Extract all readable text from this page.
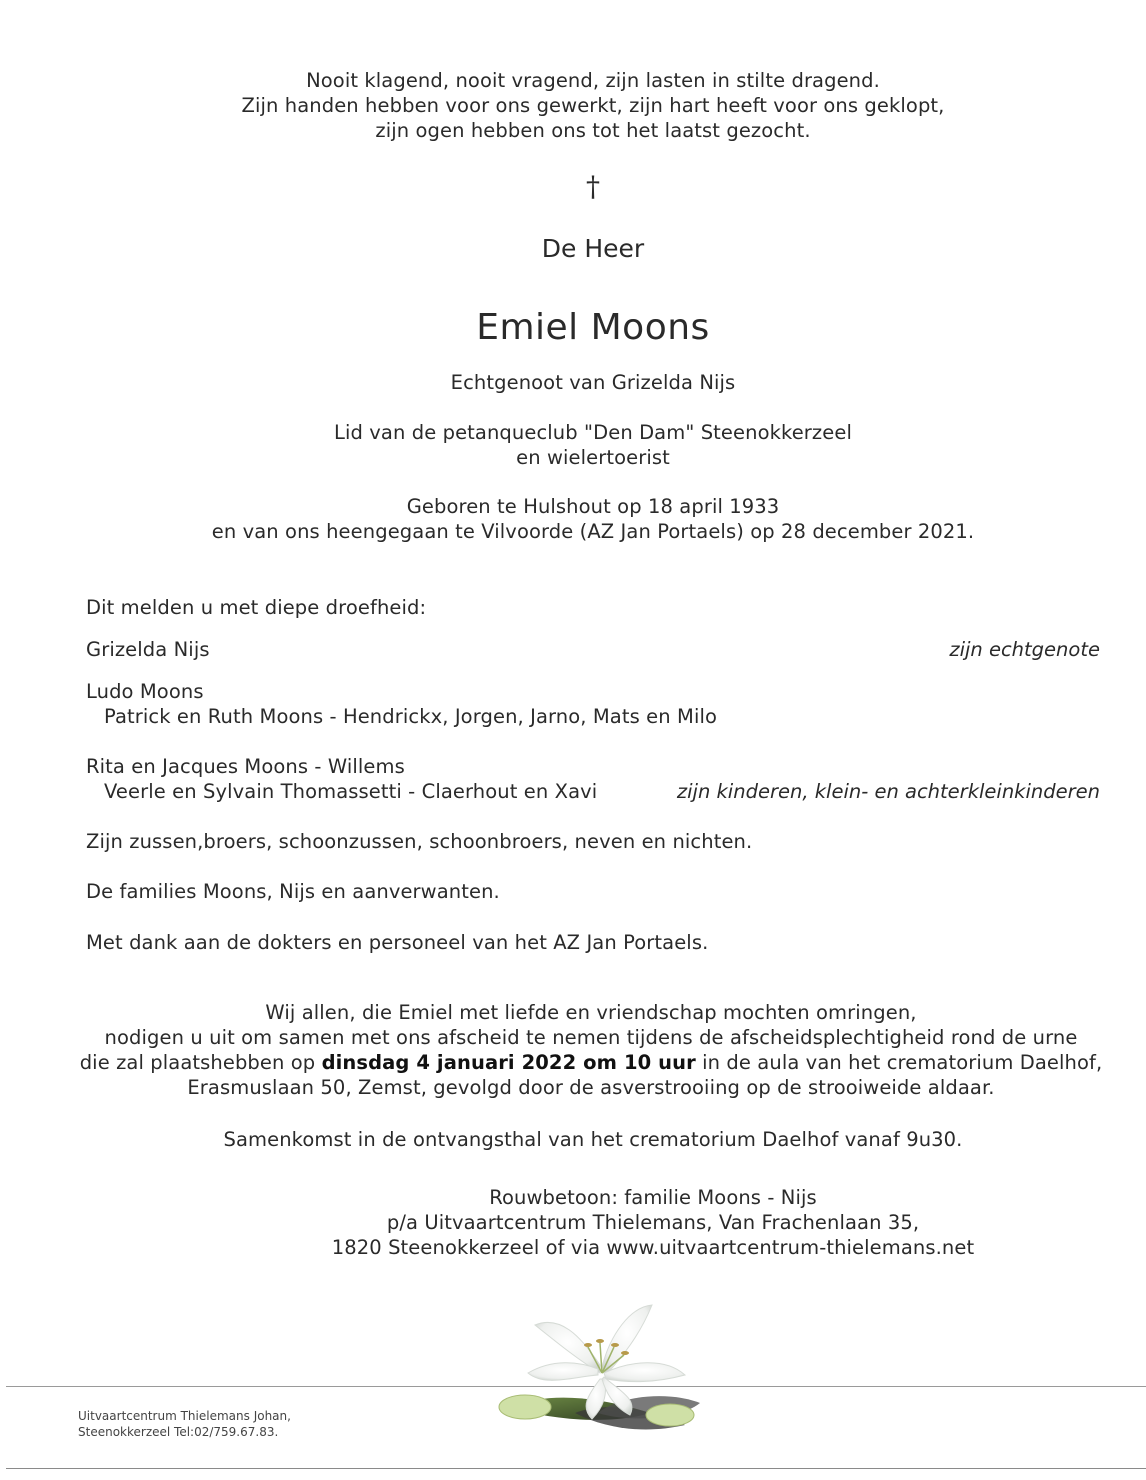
Nooit klagend, nooit vragend, zijn lasten in stilte dragend.
Zijn handen hebben voor ons gewerkt, zijn hart heeft voor ons geklopt,
zijn ogen hebben ons tot het laatst gezocht.
†
De Heer
Emiel Moons
Echtgenoot van Grizelda Nijs
Lid van de petanqueclub "Den Dam" Steenokkerzeel
en wielertoerist
Geboren te Hulshout op 18 april 1933
en van ons heengegaan te Vilvoorde (AZ Jan Portaels) op 28 december 2021.
Dit melden u met diepe droefheid:
Grizelda Nijs	zijn echtgenote
Ludo Moons
Patrick en Ruth Moons - Hendrickx, Jorgen, Jarno, Mats en Milo
Rita en Jacques Moons - Willems
Veerle en Sylvain Thomassetti - Claerhout en Xavi	zijn kinderen, klein- en achterkleinkinderen
Zijn zussen,broers, schoonzussen, schoonbroers, neven en nichten.
De families Moons, Nijs en aanverwanten.
Met dank aan de dokters en personeel van het AZ Jan Portaels.
Wij allen, die Emiel met liefde en vriendschap mochten omringen,
nodigen u uit om samen met ons afscheid te nemen tijdens de afscheidsplechtigheid rond de urne
die zal plaatshebben op dinsdag 4 januari 2022 om 10 uur in de aula van het crematorium Daelhof,
Erasmuslaan 50, Zemst, gevolgd door de asverstrooiing op de strooiweide aldaar.
Samenkomst in de ontvangsthal van het crematorium Daelhof vanaf 9u30.
Rouwbetoon: familie Moons - Nijs
p/a Uitvaartcentrum Thielemans, Van Frachenlaan 35,
1820 Steenokkerzeel of via www.uitvaartcentrum-thielemans.net
Uitvaartcentrum Thielemans Johan,
Steenokkerzeel Tel:02/759.67.83.
